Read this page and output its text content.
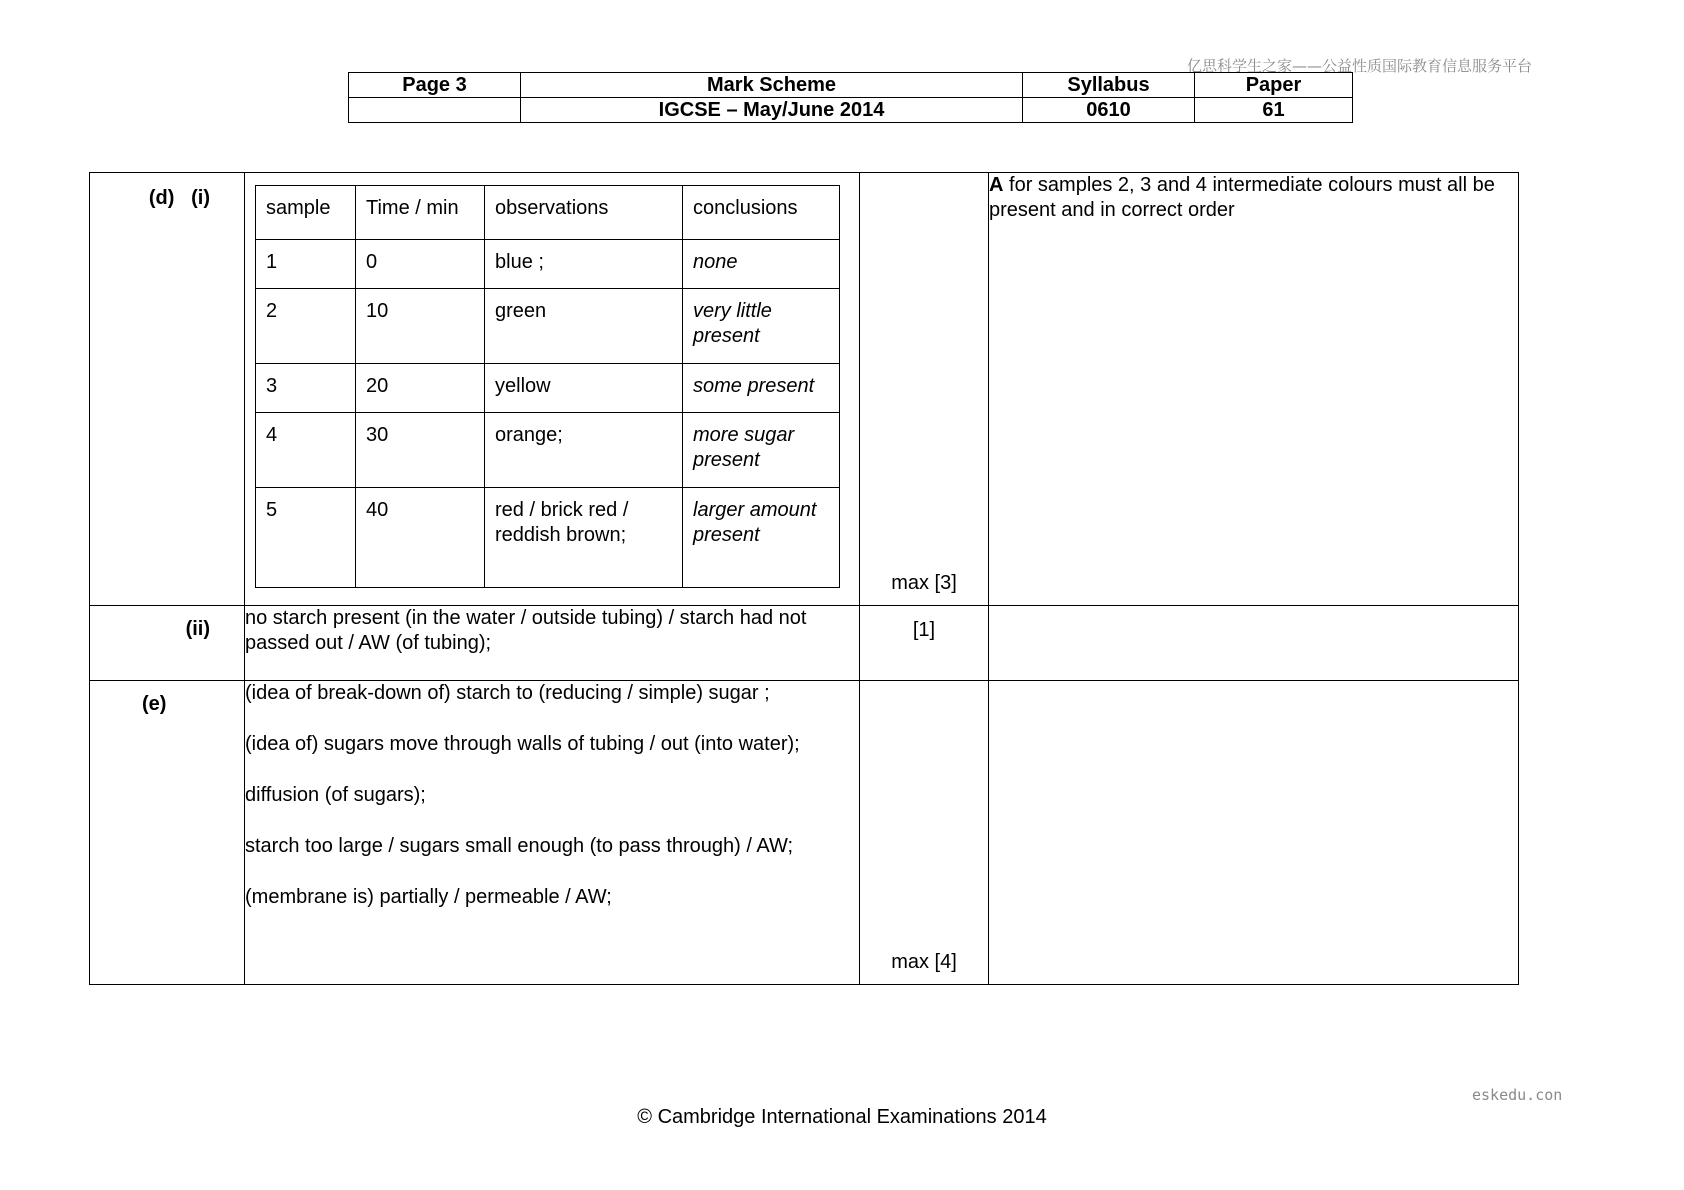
亿思科学生之家——公益性质国际教育信息服务平台
Page 3	Mark Scheme	Syllabus	Paper
	IGCSE – May/June 2014	0610	61
(d) (i)
		sample	Time / min	observations	conclusions
1	0	blue ;	none
2	10	green	very little present
3	20	yellow	some present
4	30	orange;	more sugar present
5	40	red / brick red / reddish brown;	larger amount present

max [3]
	A for samples 2, 3 and 4 intermediate colours must all be present and in correct order

(ii)	no starch present (in the water / outside tubing) / starch had not passed out / AW (of tubing);	[1]	

(e)	(idea of break-down of) starch to (reducing / simple) sugar ;
(idea of) sugars move through walls of tubing / out (into water);
diffusion (of sugars);
starch too large / sugars small enough (to pass through) / AW;
(membrane is) partially / permeable / AW;

max [4]

eskedu.con
© Cambridge International Examinations 2014
